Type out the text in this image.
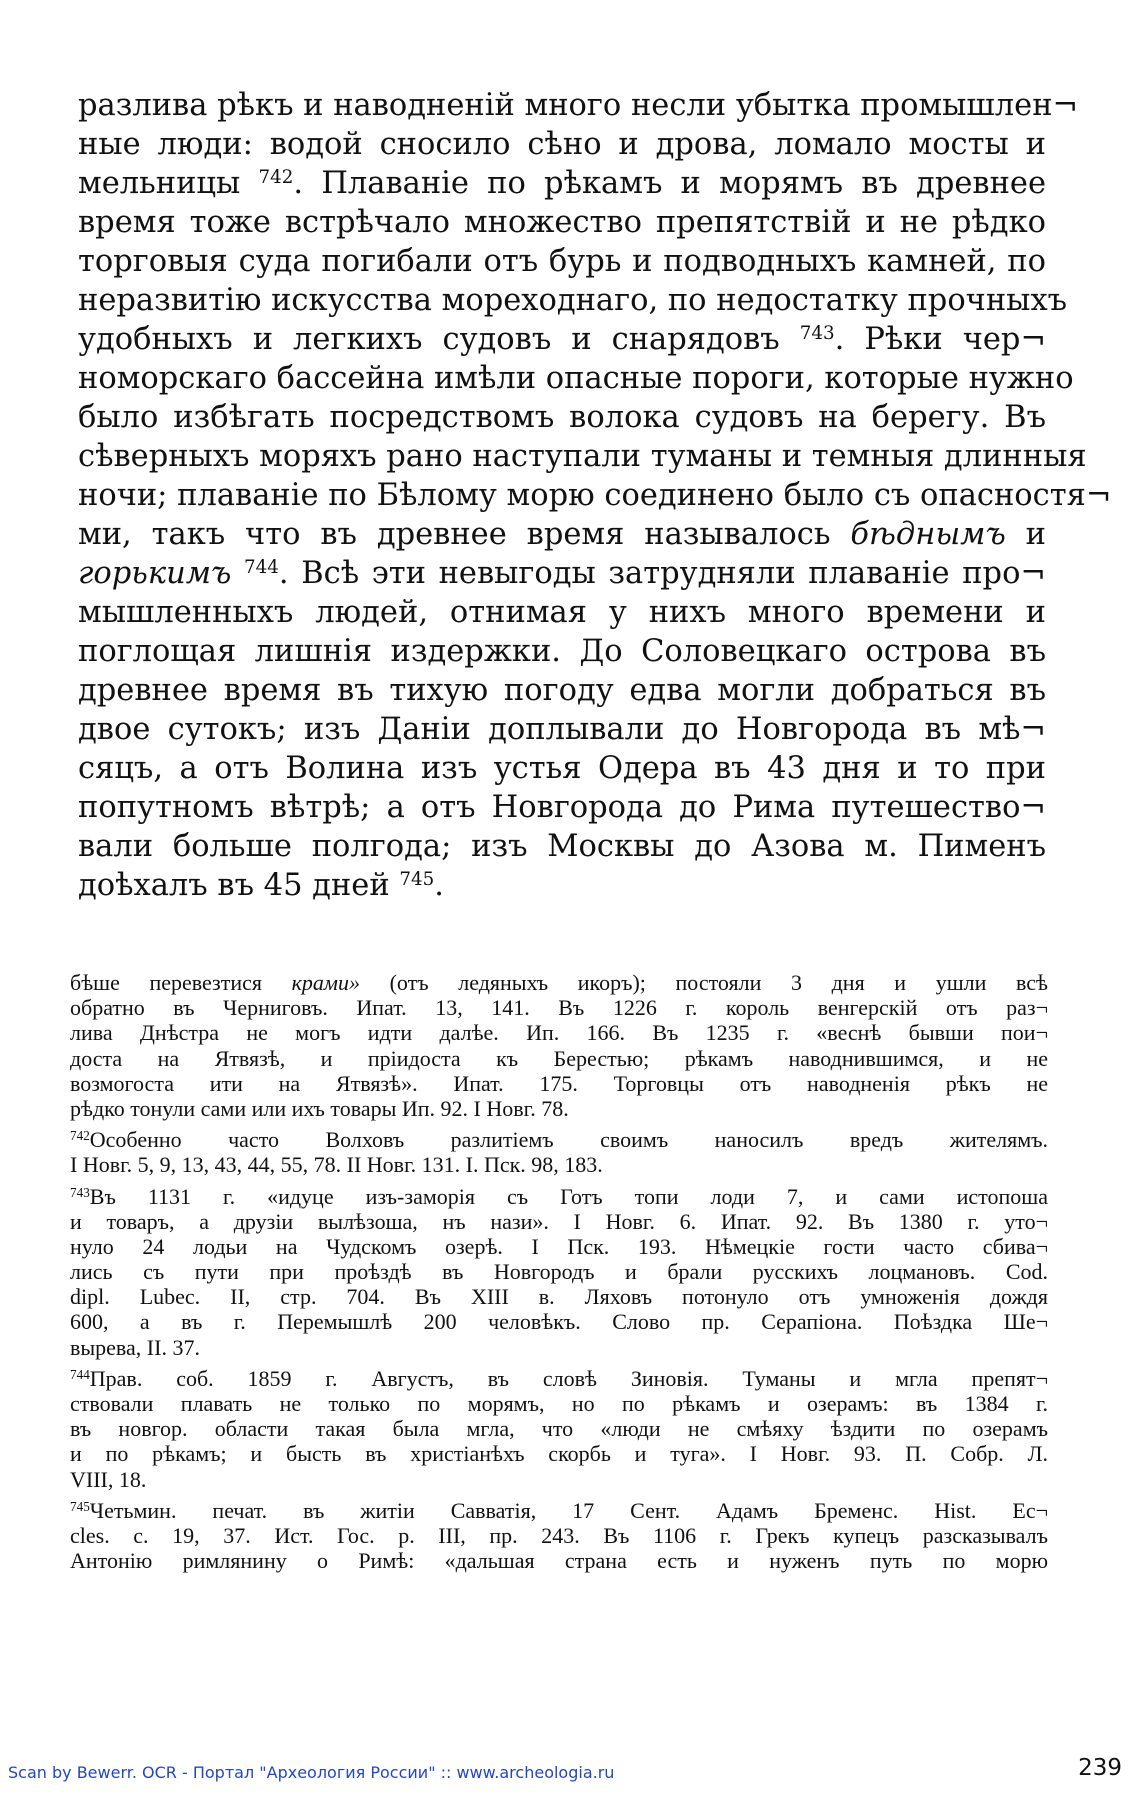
разлива рѣкъ и наводненій много несли убытка промышлен¬
ные люди: водой сносило сѣно и дрова, ломало мосты и
мельницы $^{742}$. Плаваніе по рѣкамъ и морямъ въ древнее
время тоже встрѣчало множество препятствій и не рѣдко
торговыя суда погибали отъ бурь и подводныхъ камней, по
неразвитію искусства мореходнаго, по недостатку прочныхъ
удобныхъ и легкихъ судовъ и снарядовъ $^{743}$. Рѣки чер¬
номорскаго бассейна имѣли опасные пороги, которые нужно
было избѣгать посредствомъ волока судовъ на берегу. Въ
сѣверныхъ моряхъ рано наступали туманы и темныя длинныя
ночи; плаваніе по Бѣлому морю соединено было съ опасностя¬
ми, такъ что въ древнее время называлось бѣднымъ и
горькимъ $^{744}$. Всѣ эти невыгоды затрудняли плаваніе про¬
мышленныхъ людей, отнимая у нихъ много времени и
поглощая лишнія издержки. До Соловецкаго острова въ
древнее время въ тихую погоду едва могли добраться въ
двое сутокъ; изъ Даніи доплывали до Новгорода въ мѣ¬
сяцъ, а отъ Волина изъ устья Одера въ 43 дня и то при
попутномъ вѣтрѣ; а отъ Новгорода до Рима путешество¬
вали больше полгода; изъ Москвы до Азова м. Пименъ
доѣхалъ въ 45 дней $^{745}$.
бѣше перевезтися крами» (отъ ледяныхъ икоръ); постояли 3 дня и ушли всѣ
обратно въ Черниговъ. Ипат. 13, 141. Въ 1226 г. король венгерскій отъ раз¬
лива Днѣстра не могъ идти далѣе. Ип. 166. Въ 1235 г. «веснѣ бывши пои¬
доста на Ятвязѣ, и пріидоста къ Берестью; рѣкамъ наводнившимся, и не
возмогоста ити на Ятвязѣ». Ипат. 175. Торговцы отъ наводненія рѣкъ не
рѣдко тонули сами или ихъ товары Ип. 92. I Новг. 78.
$^{742}$Особенно часто Волховъ разлитіемъ своимъ наносилъ вредъ жителямъ.
I Новг. 5, 9, 13, 43, 44, 55, 78. II Новг. 131. I. Пск. 98, 183.
$^{743}$Въ 1131 г. «идуце изъ-заморія съ Готъ топи лоди 7, и сами истопоша
и товаръ, а друзіи вылѣзоша, нъ нази». I Новг. 6. Ипат. 92. Въ 1380 г. уто¬
нуло 24 лодьи на Чудскомъ озерѣ. I Пск. 193. Нѣмецкіе гости часто сбива¬
лись съ пути при проѣздѣ въ Новгородъ и брали русскихъ лоцмановъ. Cod.
dipl. Lubec. II, стр. 704. Въ XIII в. Ляховъ потонуло отъ умноженія дождя
600, а въ г. Перемышлѣ 200 человѣкъ. Слово пр. Серапіона. Поѣздка Ше¬
вырева, II. 37.
$^{744}$Прав. соб. 1859 г. Августъ, въ словѣ Зиновія. Туманы и мгла препят¬
ствовали плавать не только по морямъ, но по рѣкамъ и озерамъ: въ 1384 г.
въ новгор. области такая была мгла, что «люди не смѣяху ѣздити по озерамъ
и по рѣкамъ; и бысть въ христіанѣхъ скорбь и туга». I Новг. 93. П. Собр. Л.
VIII, 18.
$^{745}$Четьмин. печат. въ житіи Савватія, 17 Сент. Адамъ Бременс. Hist. Ec¬
cles. c. 19, 37. Ист. Гос. р. III, пр. 243. Въ 1106 г. Грекъ купецъ разсказывалъ
Антонію римлянину о Римѣ: «дальшая страна есть и нуженъ путь по морю
Scan by Bewerr. OCR - Портал "Археология России" :: www.archeologia.ru	239
